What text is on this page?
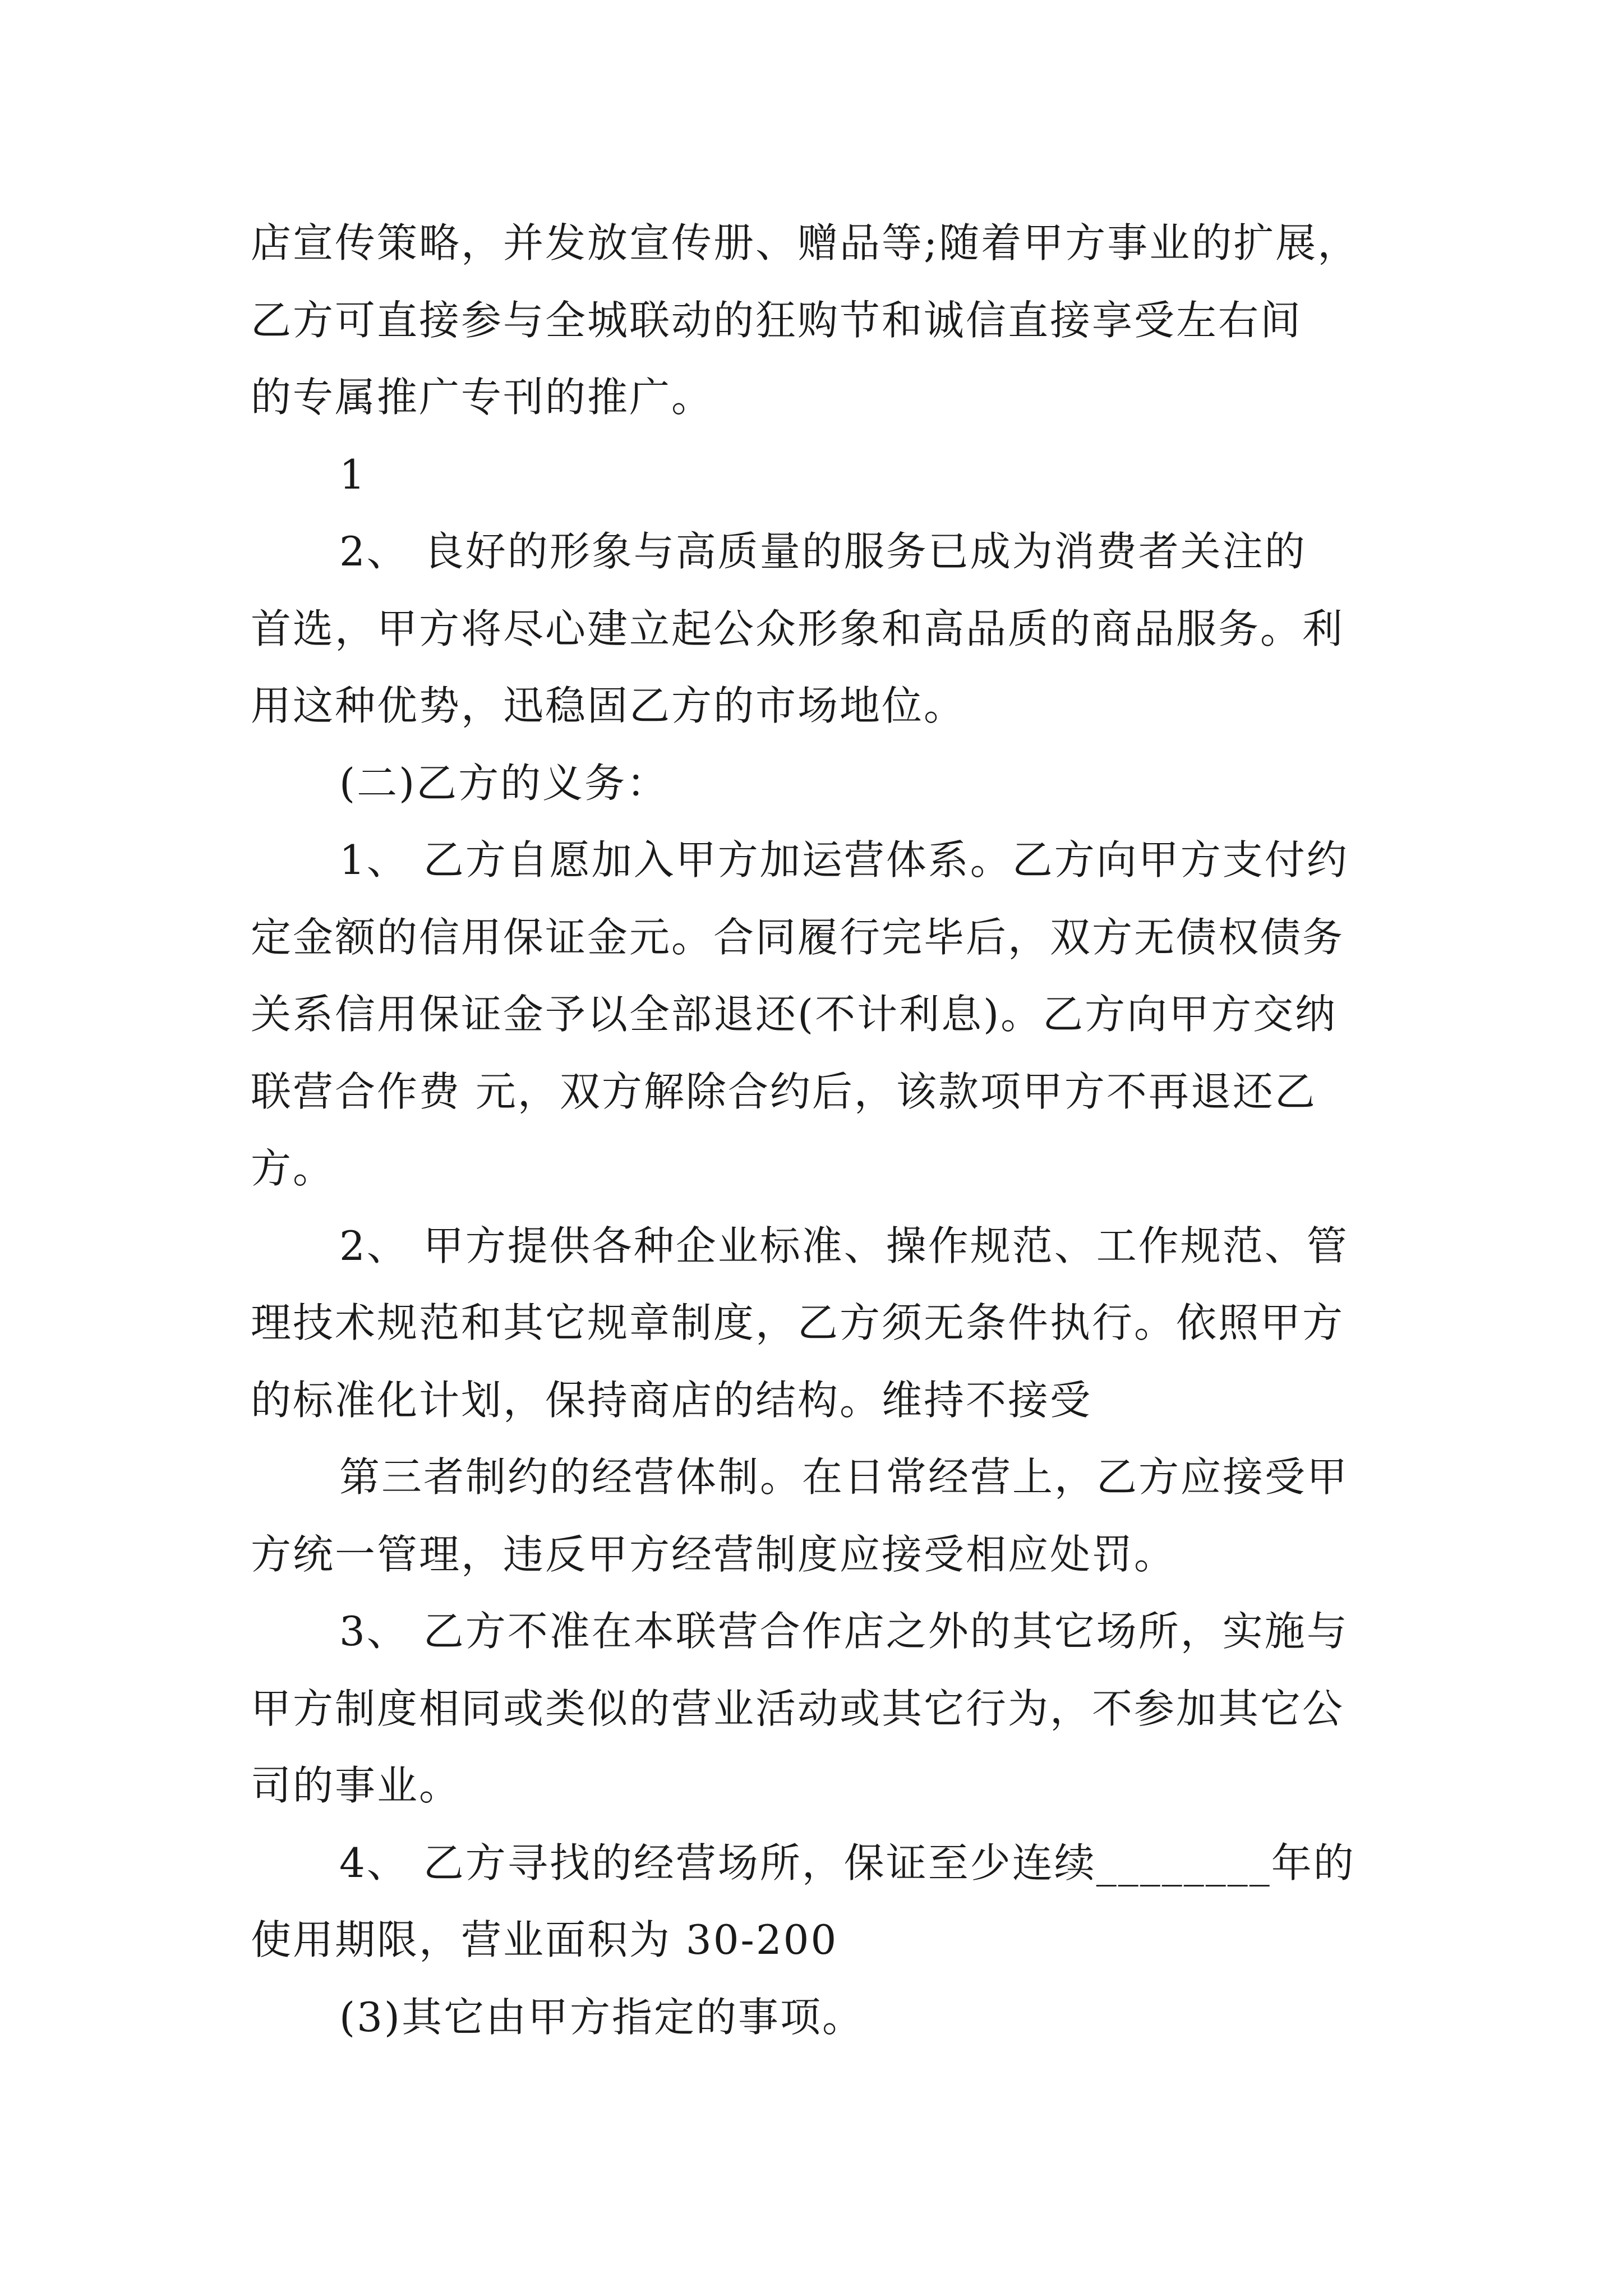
店宣传策略，并发放宣传册、赠品等;随着甲方事业的扩展，
乙方可直接参与全城联动的狂购节和诚信直接享受左右间
的专属推广专刊的推广。
1
2、 良好的形象与高质量的服务已成为消费者关注的
首选，甲方将尽心建立起公众形象和高品质的商品服务。利
用这种优势，迅稳固乙方的市场地位。
(二)乙方的义务：
1、 乙方自愿加入甲方加运营体系。乙方向甲方支付约
定金额的信用保证金元。合同履行完毕后，双方无债权债务
关系信用保证金予以全部退还(不计利息)。乙方向甲方交纳
联营合作费 元，双方解除合约后，该款项甲方不再退还乙
方。
2、 甲方提供各种企业标准、操作规范、工作规范、管
理技术规范和其它规章制度，乙方须无条件执行。依照甲方
的标准化计划，保持商店的结构。维持不接受
第三者制约的经营体制。在日常经营上，乙方应接受甲
方统一管理，违反甲方经营制度应接受相应处罚。
3、 乙方不准在本联营合作店之外的其它场所，实施与
甲方制度相同或类似的营业活动或其它行为，不参加其它公
司的事业。
4、 乙方寻找的经营场所，保证至少连续________年的
使用期限，营业面积为 30-200
(3)其它由甲方指定的事项。
